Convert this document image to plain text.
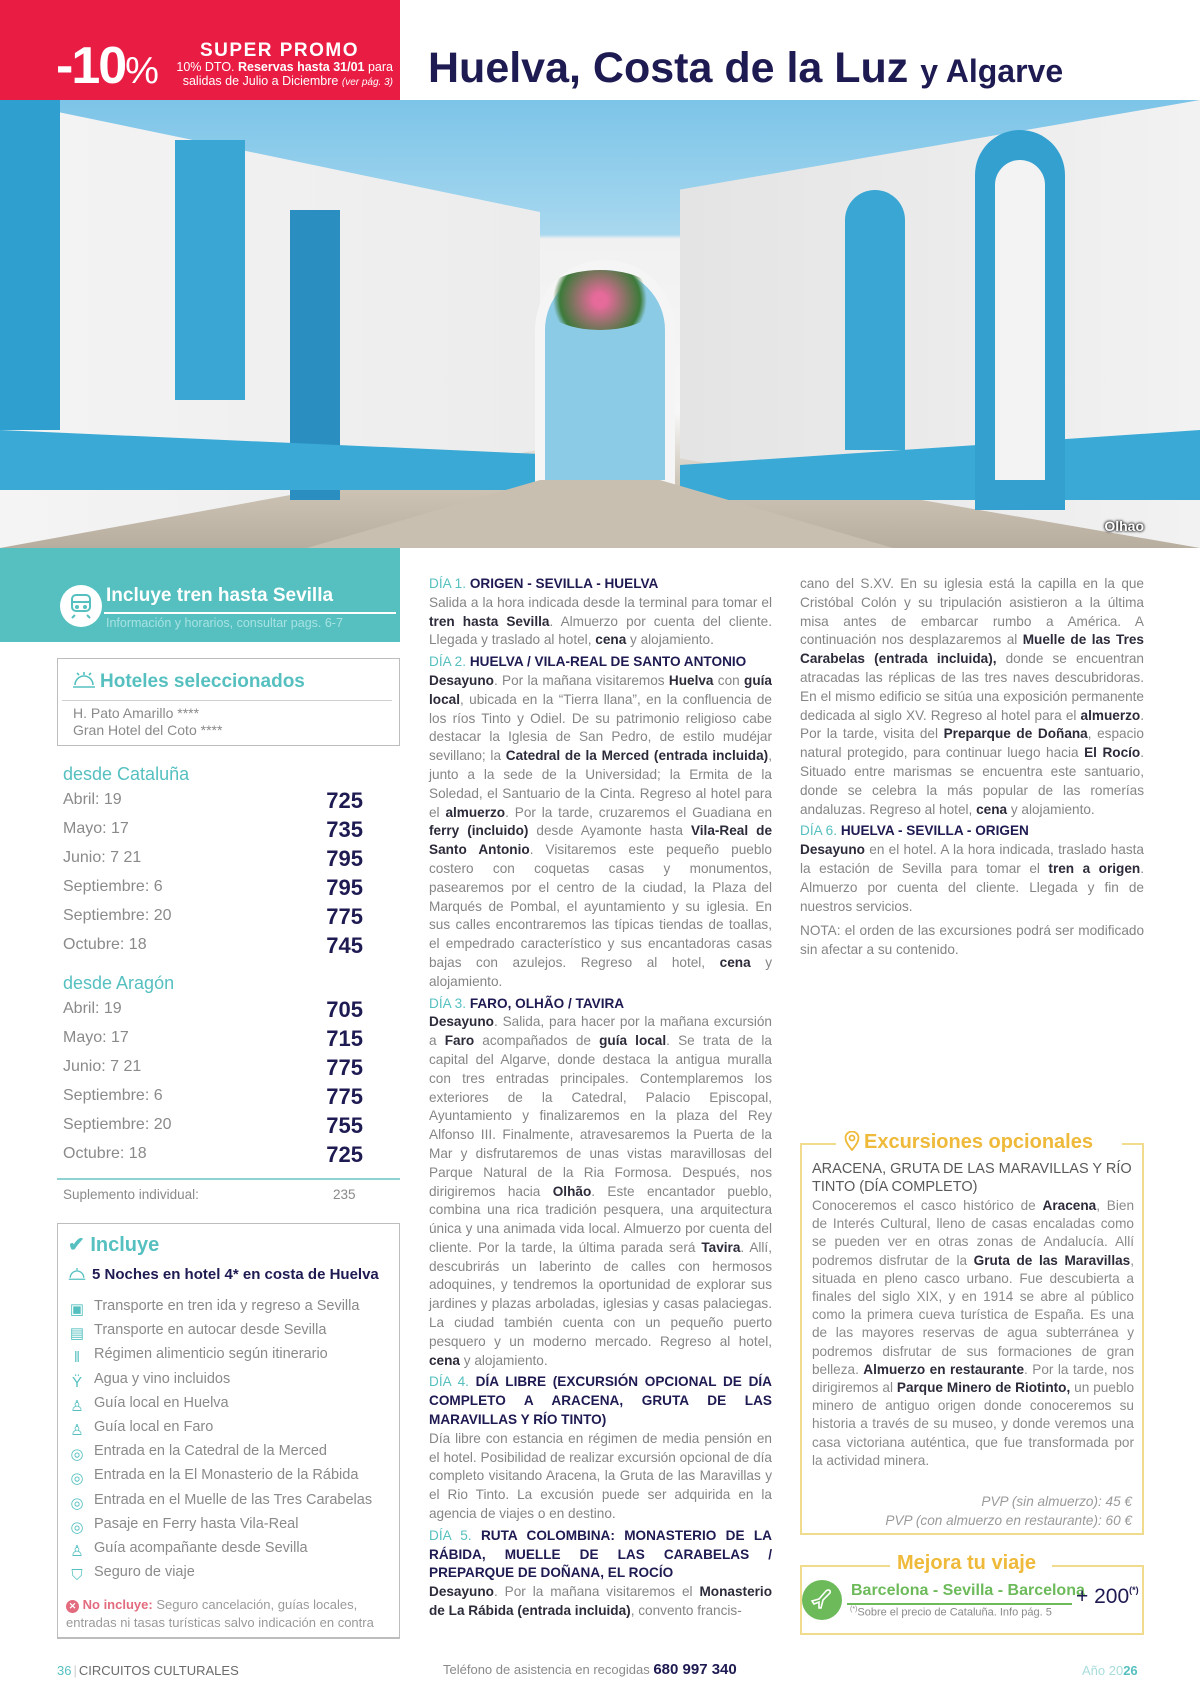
-10% SUPER PROMO
10% DTO. Reservas hasta 31/01 para
salidas de Julio a Diciembre (ver pág. 3) Huelva, Costa de la Luz y Algarve
Olhao
Incluye tren hasta Sevilla
Información y horarios, consultar pags. 6-7
Hoteles seleccionados
H. Pato Amarillo ****
Gran Hotel del Coto ****
desde Cataluña
Abril: 19	725
Mayo: 17	735
Junio: 7 21	795
Septiembre: 6	795
Septiembre: 20	775
Octubre: 18	745
desde Aragón
Abril: 19	705
Mayo: 17	715
Junio: 7 21	775
Septiembre: 6	775
Septiembre: 20	755
Octubre: 18	725
Suplemento individual:	235
✔ Incluye
5 Noches en hotel 4* en costa de Huelva
▣ Transporte en tren ida y regreso a Sevilla
▤ Transporte en autocar desde Sevilla
ǁ Régimen alimenticio según itinerario
Ÿ Agua y vino incluidos
♙ Guía local en Huelva
♙ Guía local en Faro
◎ Entrada en la Catedral de la Merced
◎ Entrada en la El Monasterio de la Rábida
◎ Entrada en el Muelle de las Tres Carabelas
◎ Pasaje en Ferry hasta Vila-Real
♙ Guía acompañante desde Sevilla
⛉ Seguro de viaje
✕ No incluye: Seguro cancelación, guías locales, entradas ni tasas turísticas salvo indicación en contra
DÍA 1. ORIGEN - SEVILLA - HUELVA

Salida a la hora indicada desde la terminal para tomar el tren hasta Sevilla. Almuerzo por cuenta del cliente. Llegada y traslado al hotel, cena y alojamiento.

DÍA 2. HUELVA / VILA-REAL DE SANTO ANTONIO

Desayuno. Por la mañana visitaremos Huelva con guía local, ubicada en la “Tierra llana”, en la confluencia de los ríos Tinto y Odiel. De su patrimonio religioso cabe destacar la Iglesia de San Pedro, de estilo mudéjar sevillano; la Catedral de la Merced (entrada incluida), junto a la sede de la Universidad; la Ermita de la Soledad, el Santuario de la Cinta. Regreso al hotel para el almuerzo. Por la tarde, cruzaremos el Guadiana en ferry (incluido) desde Ayamonte hasta Vila-Real de Santo Antonio. Visitaremos este pequeño pueblo costero con coquetas casas y monumentos, pasearemos por el centro de la ciudad, la Plaza del Marqués de Pombal, el ayuntamiento y su iglesia. En sus calles encontraremos las típicas tiendas de toallas, el empedrado característico y sus encantadoras casas bajas con azulejos. Regreso al hotel, cena y alojamiento.

DÍA 3. FARO, OLHÃO / TAVIRA

Desayuno. Salida, para hacer por la mañana excursión a Faro acompañados de guía local. Se trata de la capital del Algarve, donde destaca la antigua muralla con tres entradas principales. Contemplaremos los exteriores de la Catedral, Palacio Episcopal, Ayuntamiento y finalizaremos en la plaza del Rey Alfonso III. Finalmente, atravesaremos la Puerta de la Mar y disfrutaremos de unas vistas maravillosas del Parque Natural de la Ria Formosa. Después, nos dirigiremos hacia Olhão. Este encantador pueblo, combina una rica tradición pesquera, una arquitectura única y una animada vida local. Almuerzo por cuenta del cliente. Por la tarde, la última parada será Tavira. Allí, descubrirás un laberinto de calles con hermosos adoquines, y tendremos la oportunidad de explorar sus jardines y plazas arboladas, iglesias y casas palaciegas. La ciudad también cuenta con un pequeño puerto pesquero y un moderno mercado. Regreso al hotel, cena y alojamiento.

DÍA 4. DÍA LIBRE (EXCURSIÓN OPCIONAL DE DÍA COMPLETO A ARACENA, GRUTA DE LAS MARAVILLAS Y RÍO TINTO)

Día libre con estancia en régimen de media pensión en el hotel. Posibilidad de realizar excursión opcional de día completo visitando Aracena, la Gruta de las Maravillas y el Rio Tinto. La excusión puede ser adquirida en la agencia de viajes o en destino.

DÍA 5. RUTA COLOMBINA: MONASTERIO DE LA RÁBIDA, MUELLE DE LAS CARABELAS / PREPARQUE DE DOÑANA, EL ROCÍO

Desayuno. Por la mañana visitaremos el Monasterio de La Rábida (entrada incluida), convento francis-

cano del S.XV. En su iglesia está la capilla en la que Cristóbal Colón y su tripulación asistieron a la última misa antes de embarcar rumbo a América. A continuación nos desplazaremos al Muelle de las Tres Carabelas (entrada incluida), donde se encuentran atracadas las réplicas de las tres naves descubridoras. En el mismo edificio se sitúa una exposición permanente dedicada al siglo XV. Regreso al hotel para el almuerzo. Por la tarde, visita del Preparque de Doñana, espacio natural protegido, para continuar luego hacia El Rocío. Situado entre marismas se encuentra este santuario, donde se celebra la más popular de las romerías andaluzas. Regreso al hotel, cena y alojamiento.

DÍA 6. HUELVA - SEVILLA - ORIGEN

Desayuno en el hotel. A la hora indicada, traslado hasta la estación de Sevilla para tomar el tren a origen. Almuerzo por cuenta del cliente. Llegada y fin de nuestros servicios.

NOTA: el orden de las excursiones podrá ser modificado sin afectar a su contenido.

Excursiones opcionales
ARACENA, GRUTA DE LAS MARAVILLAS Y RÍO TINTO (DÍA COMPLETO)
Conoceremos el casco histórico de Aracena, Bien de Interés Cultural, lleno de casas encaladas como se pueden ver en otras zonas de Andalucía. Allí podremos disfrutar de la Gruta de las Maravillas, situada en pleno casco urbano. Fue descubierta a finales del siglo XIX, y en 1914 se abre al público como la primera cueva turística de España. Es una de las mayores reservas de agua subterránea y podremos disfrutar de sus formaciones de gran belleza. Almuerzo en restaurante. Por la tarde, nos dirigiremos al Parque Minero de Riotinto, un pueblo minero de antiguo origen donde conoceremos su historia a través de su museo, y donde veremos una casa victoriana auténtica, que fue transformada por la actividad minera.
PVP (sin almuerzo): 45 €
PVP (con almuerzo en restaurante): 60 €
Mejora tu viaje
Barcelona - Sevilla - Barcelona
(*)Sobre el precio de Cataluña. Info pág. 5
+ 200(*)
36 | CIRCUITOS CULTURALES	Teléfono de asistencia en recogidas 680 997 340	Año 2026
